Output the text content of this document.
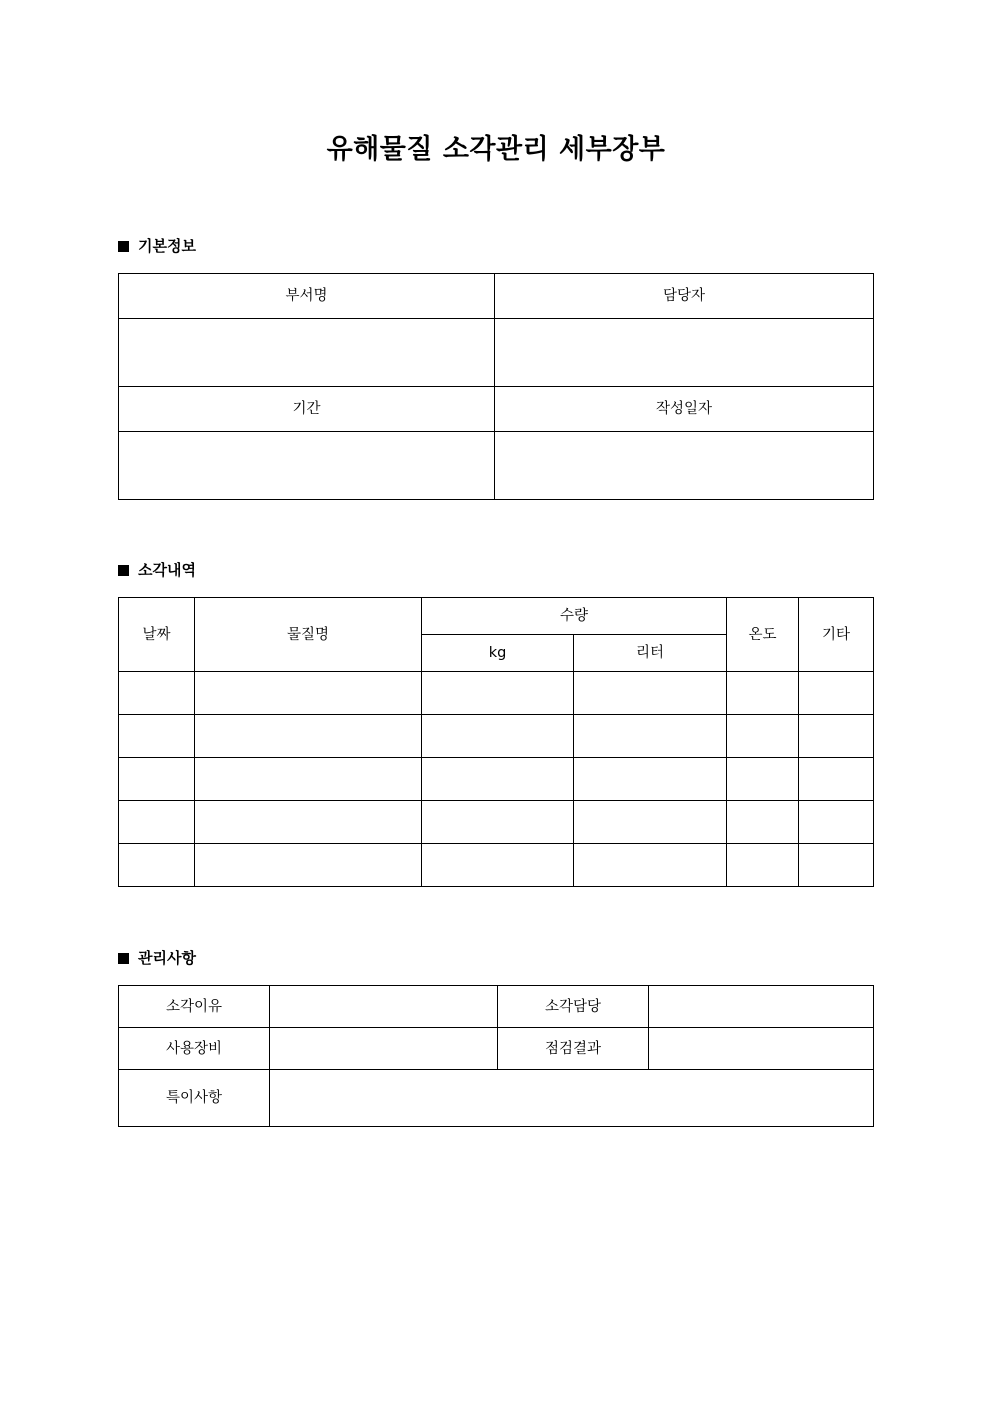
유해물질 소각관리 세부장부
기본정보
부서명	담당자

기간	작성일자

소각내역
날짜	물질명	수량		온도	기타
		kg	리터		

관리사항
소각이유		소각담당	
사용장비		점검결과	
특이사항			
